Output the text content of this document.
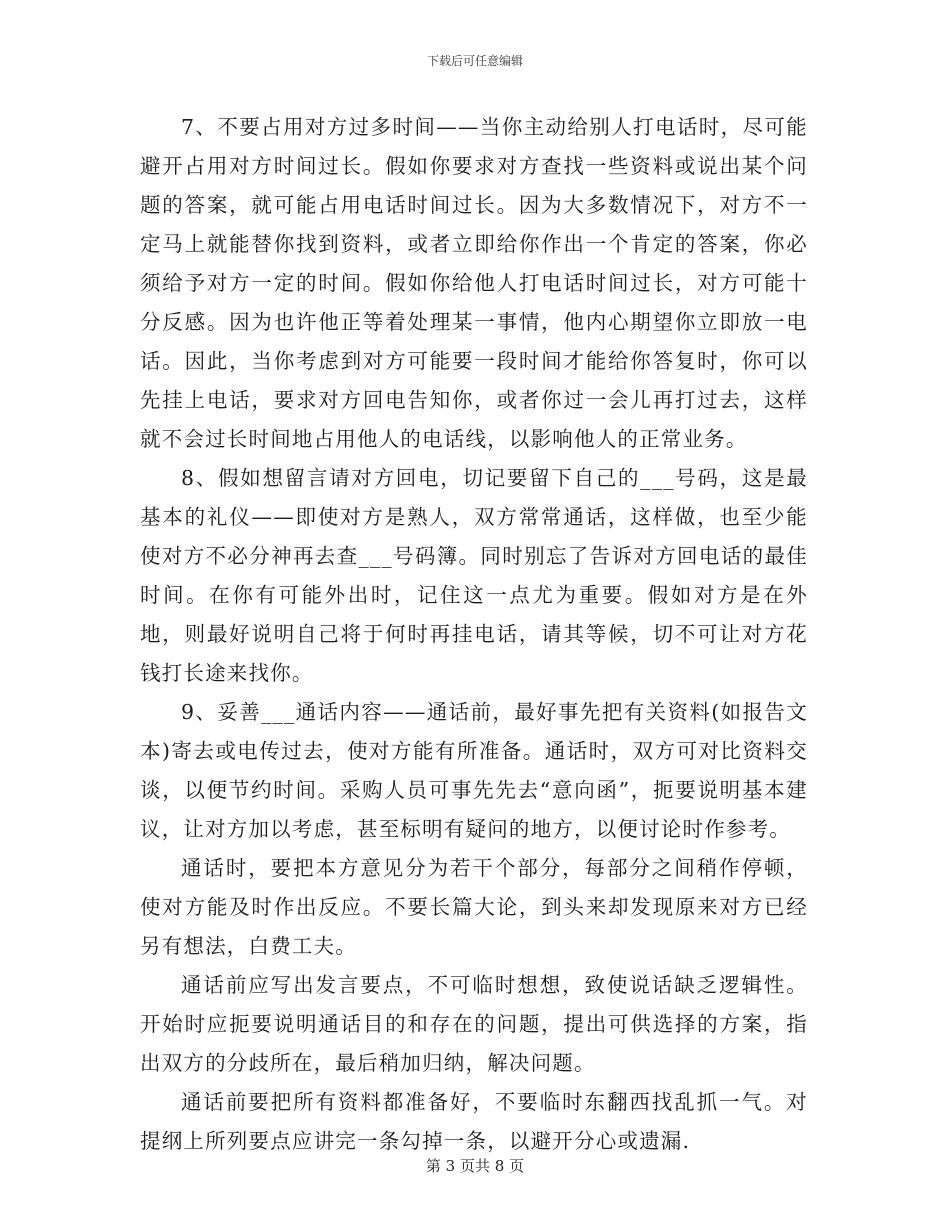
下载后可任意编辑

7、不要占用对方过多时间——当你主动给别人打电话时，尽可能避开占用对方时间过长。假如你要求对方查找一些资料或说出某个问题的答案，就可能占用电话时间过长。因为大多数情况下，对方不一定马上就能替你找到资料，或者立即给你作出一个肯定的答案，你必须给予对方一定的时间。假如你给他人打电话时间过长，对方可能十分反感。因为也许他正等着处理某一事情，他内心期望你立即放一电话。因此，当你考虑到对方可能要一段时间才能给你答复时，你可以先挂上电话，要求对方回电告知你，或者你过一会儿再打过去，这样就不会过长时间地占用他人的电话线，以影响他人的正常业务。

8、假如想留言请对方回电，切记要留下自己的___号码，这是最基本的礼仪——即使对方是熟人，双方常常通话，这样做，也至少能使对方不必分神再去查___号码簿。同时别忘了告诉对方回电话的最佳时间。在你有可能外出时，记住这一点尤为重要。假如对方是在外地，则最好说明自己将于何时再挂电话，请其等候，切不可让对方花钱打长途来找你。

9、妥善___通话内容——通话前，最好事先把有关资料(如报告文本)寄去或电传过去，使对方能有所准备。通话时，双方可对比资料交谈，以便节约时间。采购人员可事先先去“意向函”，扼要说明基本建议，让对方加以考虑，甚至标明有疑问的地方，以便讨论时作参考。

通话时，要把本方意见分为若干个部分，每部分之间稍作停顿，使对方能及时作出反应。不要长篇大论，到头来却发现原来对方已经另有想法，白费工夫。

通话前应写出发言要点，不可临时想想，致使说话缺乏逻辑性。开始时应扼要说明通话目的和存在的问题，提出可供选择的方案，指出双方的分歧所在，最后稍加归纳，解决问题。

通话前要把所有资料都准备好，不要临时东翻西找乱抓一气。对提纲上所列要点应讲完一条勾掉一条，以避开分心或遗漏.

第 3 页共 8 页
